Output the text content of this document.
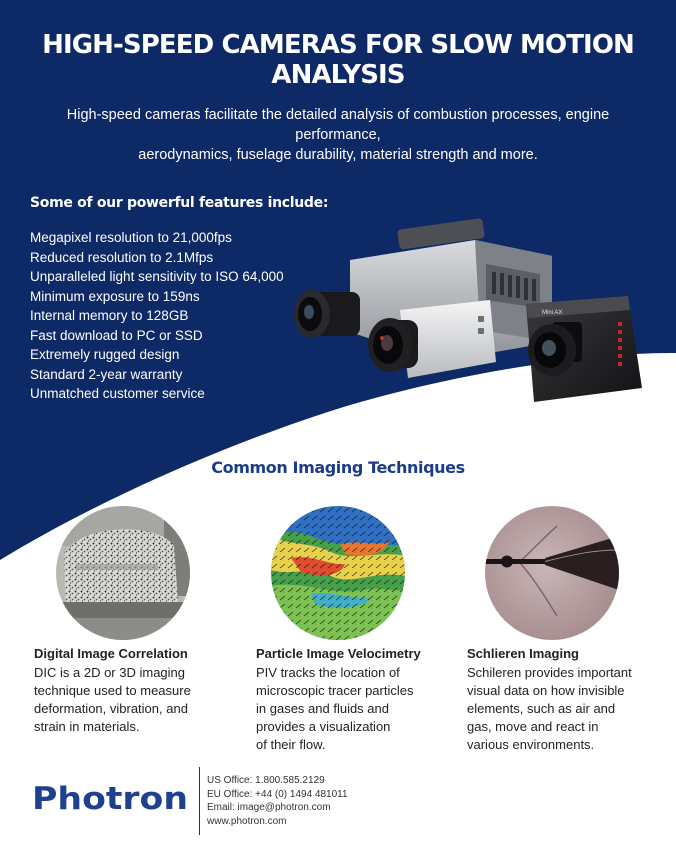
HIGH-SPEED CAMERAS FOR SLOW MOTION ANALYSIS
High-speed cameras facilitate the detailed analysis of combustion processes, engine performance,
aerodynamics, fuselage durability, material strength and more.
Some of our powerful features include:
Megapixel resolution to 21,000fps
Reduced resolution to 2.1Mfps
Unparalleled light sensitivity to ISO 64,000
Minimum exposure to 159ns
Internal memory to 128GB
Fast download to PC or SSD
Extremely rugged design
Standard 2-year warranty
Unmatched customer service
Mini AX
Common Imaging Techniques
Digital Image Correlation
DIC is a 2D or 3D imaging
technique used to measure
deformation, vibration, and
strain in materials.
Particle Image Velocimetry
PIV tracks the location of
microscopic tracer particles
in gases and fluids and
provides a visualization
of their flow.
Schlieren Imaging
Schileren provides important
visual data on how invisible
elements, such as air and
gas, move and react in
various environments.
Photron
US Office: 1.800.585.2129
EU Office: +44 (0) 1494 481011
Email: image@photron.com
www.photron.com
